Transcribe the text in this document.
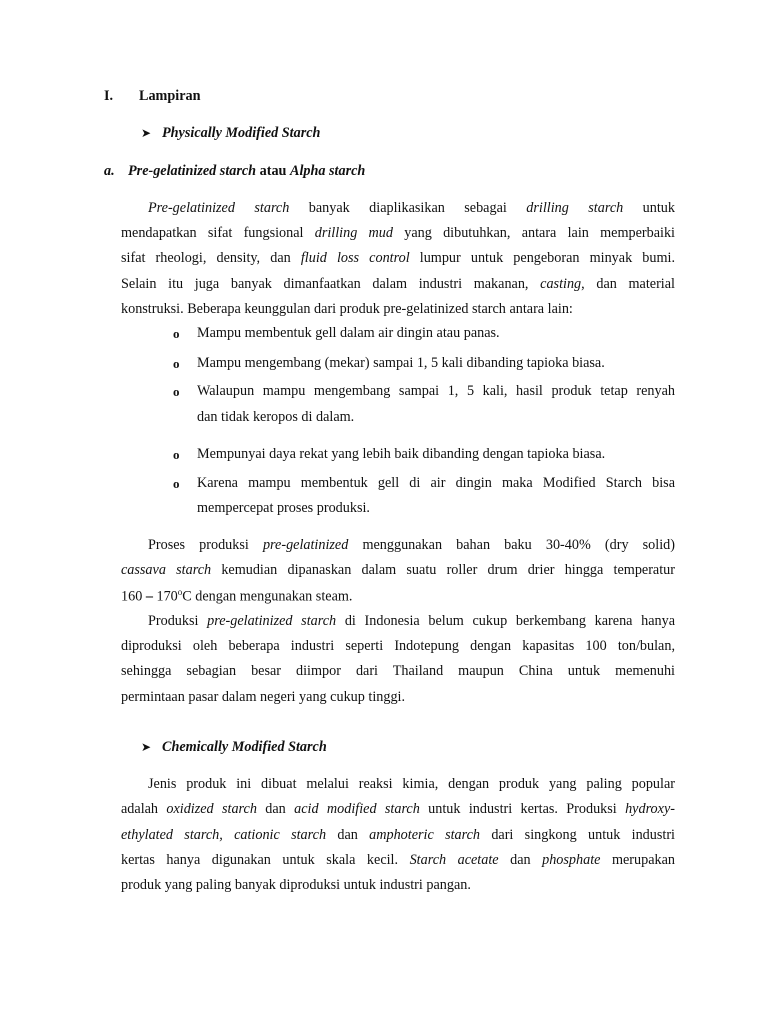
I. Lampiran
➤ Physically Modified Starch
a. Pre-gelatinized starch atau Alpha starch
Pre-gelatinized starch banyak diaplikasikan sebagai drilling starch untuk
mendapatkan sifat fungsional drilling mud yang dibutuhkan, antara lain memperbaiki
sifat rheologi, density, dan fluid loss control lumpur untuk pengeboran minyak bumi.
Selain itu juga banyak dimanfaatkan dalam industri makanan, casting, dan material
konstruksi. Beberapa keunggulan dari produk pre-gelatinized starch antara lain:
o Mampu membentuk gell dalam air dingin atau panas.
o Mampu mengembang (mekar) sampai 1, 5 kali dibanding tapioka biasa.
o Walaupun mampu mengembang sampai 1, 5 kali, hasil produk tetap renyah
dan tidak keropos di dalam.
o Mempunyai daya rekat yang lebih baik dibanding dengan tapioka biasa.
o Karena mampu membentuk gell di air dingin maka Modified Starch bisa
mempercepat proses produksi.
Proses produksi pre-gelatinized menggunakan bahan baku 30-40% (dry solid)
cassava starch kemudian dipanaskan dalam suatu roller drum drier hingga temperatur
160 – 170$^o$C dengan mengunakan steam.
Produksi pre-gelatinized starch di Indonesia belum cukup berkembang karena hanya
diproduksi oleh beberapa industri seperti Indotepung dengan kapasitas 100 ton/bulan,
sehingga sebagian besar diimpor dari Thailand maupun China untuk memenuhi
permintaan pasar dalam negeri yang cukup tinggi.
➤ Chemically Modified Starch
Jenis produk ini dibuat melalui reaksi kimia, dengan produk yang paling popular
adalah oxidized starch dan acid modified starch untuk industri kertas. Produksi hydroxy-
ethylated starch, cationic starch dan amphoteric starch dari singkong untuk industri
kertas hanya digunakan untuk skala kecil. Starch acetate dan phosphate merupakan
produk yang paling banyak diproduksi untuk industri pangan.
